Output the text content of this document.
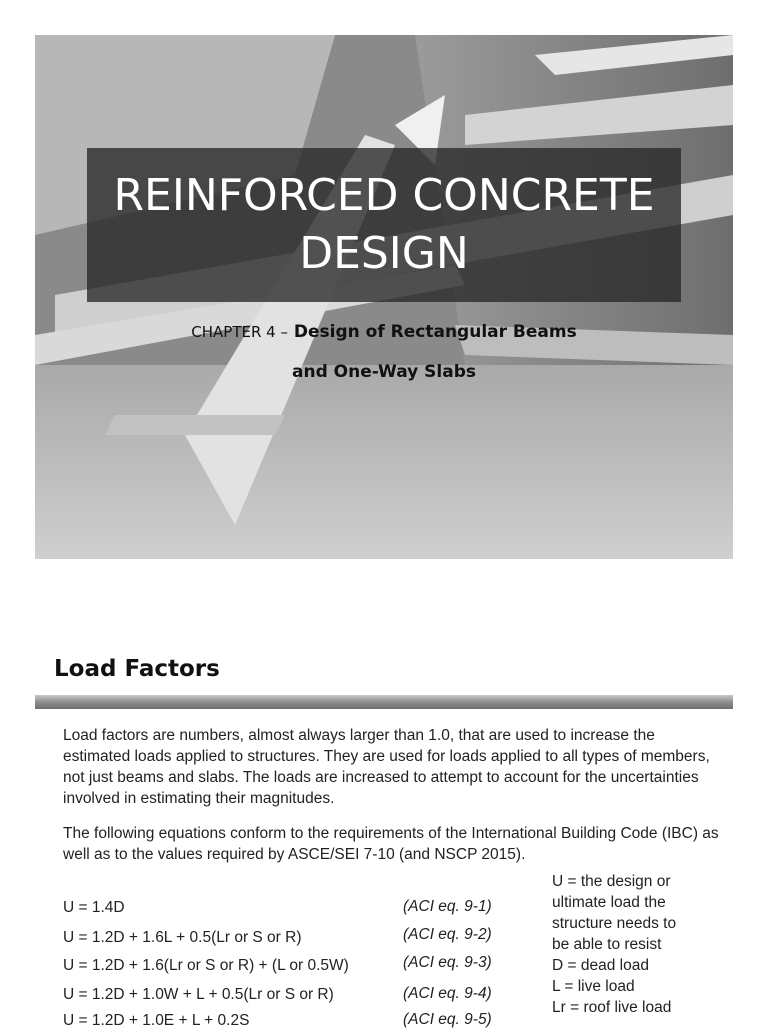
REINFORCED CONCRETE
DESIGN
CHAPTER 4 – Design of Rectangular Beams
and One-Way Slabs
Load Factors
Load factors are numbers, almost always larger than 1.0, that are used to increase the estimated loads applied to structures. They are used for loads applied to all types of members, not just beams and slabs. The loads are increased to attempt to account for the uncertainties involved in estimating their magnitudes.
The following equations conform to the requirements of the International Building Code (IBC) as well as to the values required by ASCE/SEI 7-10 (and NSCP 2015).
U = 1.4D	(ACI eq. 9-1)
U = 1.2D + 1.6L + 0.5(Lr or S or R)	(ACI eq. 9-2)
U = 1.2D + 1.6(Lr or S or R) + (L or 0.5W)	(ACI eq. 9-3)
U = 1.2D + 1.0W + L + 0.5(Lr or S or R)	(ACI eq. 9-4)
U = 1.2D + 1.0E + L + 0.2S	(ACI eq. 9-5)
U = the design or
ultimate load the
structure needs to
be able to resist
D = dead load
L = live load
Lr = roof live load
